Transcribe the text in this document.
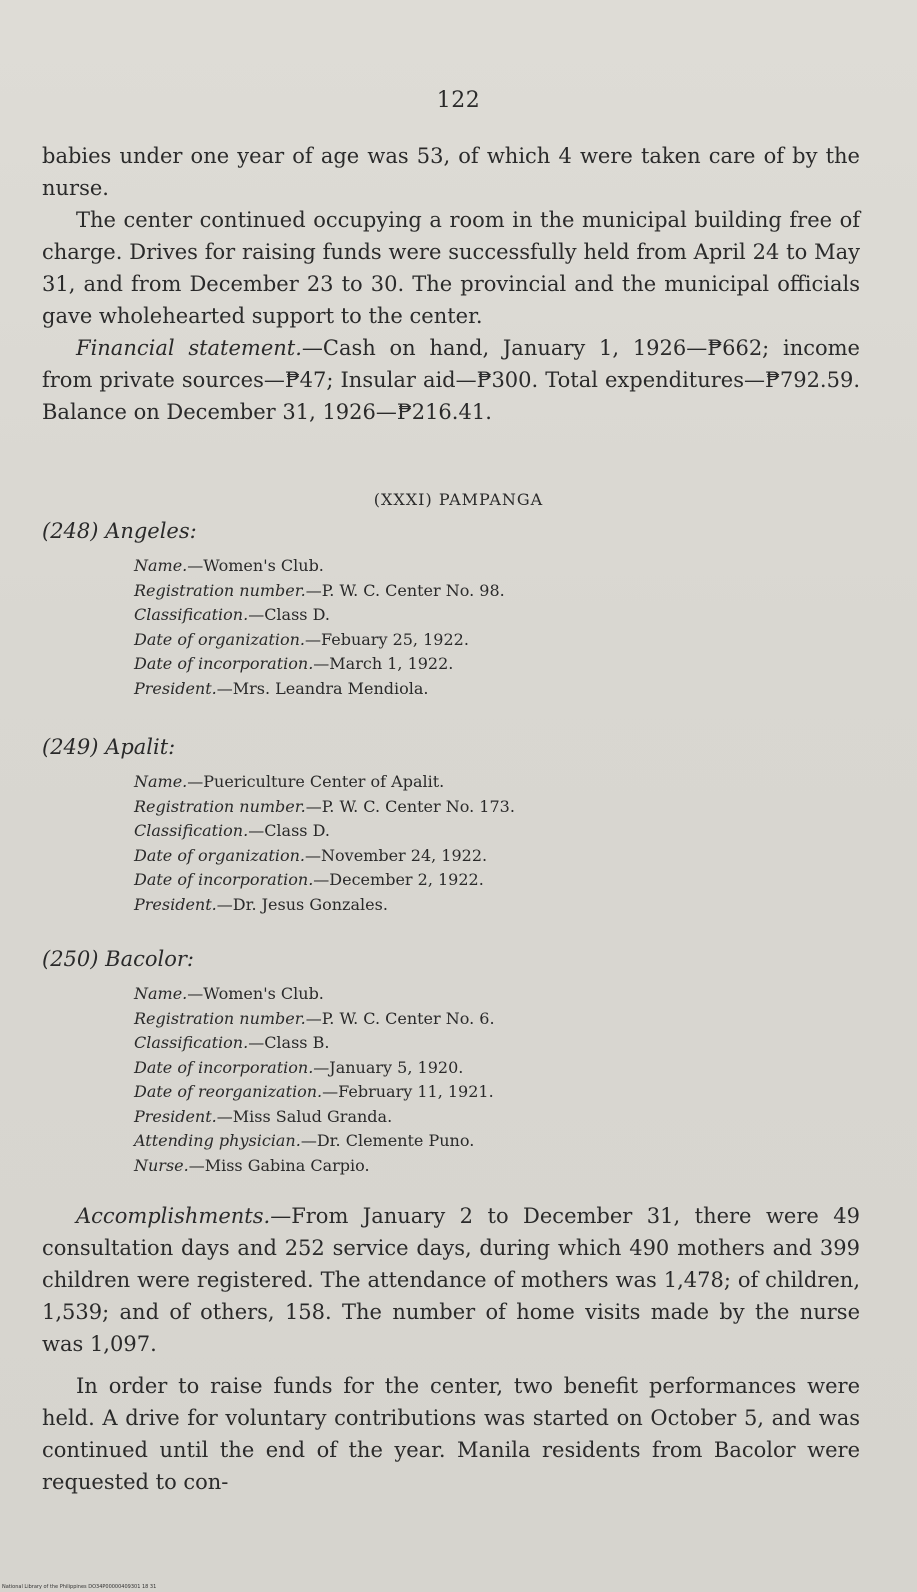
122

babies under one year of age was 53, of which 4 were taken care of by the nurse.

The center continued occupying a room in the municipal building free of charge. Drives for raising funds were successfully held from April 24 to May 31, and from December 23 to 30. The provincial and the municipal officials gave wholehearted support to the center.

Financial statement.—Cash on hand, January 1, 1926—₱662; income from private sources—₱47; Insular aid—₱300. Total expenditures—₱792.59. Balance on December 31, 1926—₱216.41.

(XXXI) PAMPANGA
(248) Angeles:
Name.—Women's Club.
Registration number.—P. W. C. Center No. 98.
Classification.—Class D.
Date of organization.—Febuary 25, 1922.
Date of incorporation.—March 1, 1922.
President.—Mrs. Leandra Mendiola.
(249) Apalit:
Name.—Puericulture Center of Apalit.
Registration number.—P. W. C. Center No. 173.
Classification.—Class D.
Date of organization.—November 24, 1922.
Date of incorporation.—December 2, 1922.
President.—Dr. Jesus Gonzales.
(250) Bacolor:
Name.—Women's Club.
Registration number.—P. W. C. Center No. 6.
Classification.—Class B.
Date of incorporation.—January 5, 1920.
Date of reorganization.—February 11, 1921.
President.—Miss Salud Granda.
Attending physician.—Dr. Clemente Puno.
Nurse.—Miss Gabina Carpio.

Accomplishments.—From January 2 to December 31, there were 49 consultation days and 252 service days, during which 490 mothers and 399 children were registered. The attendance of mothers was 1,478; of children, 1,539; and of others, 158. The number of home visits made by the nurse was 1,097.

In order to raise funds for the center, two benefit performances were held. A drive for voluntary contributions was started on October 5, and was continued until the end of the year. Manila residents from Bacolor were requested to con-

National Library of the Philippines DO34P00000409301 18 31
